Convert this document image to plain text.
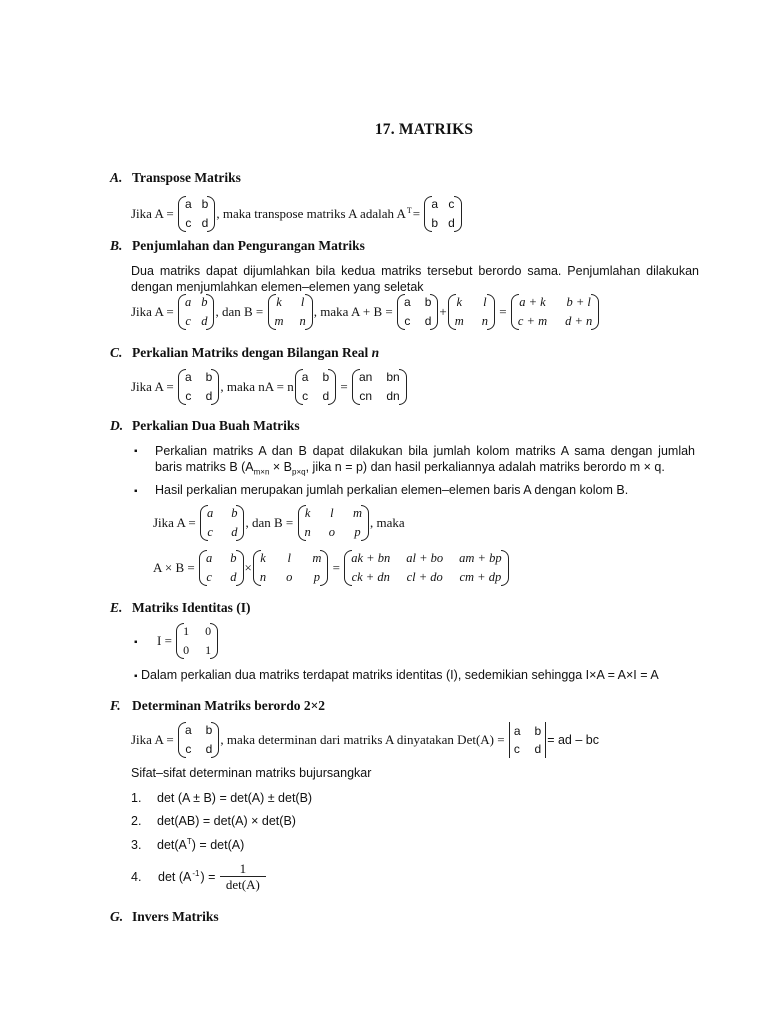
17. MATRIKS
A. Transpose Matriks
Jika A =

a b
c d
, maka transpose matriks A adalah $A^T$ =

a c
b d
B. Penjumlahan dan Pengurangan Matriks
Dua matriks dapat dijumlahkan bila kedua matriks tersebut berordo sama. Penjumlahan dilakukan dengan menjumlahkan elemen–elemen yang seletak
Jika A =

a b
c d
, dan B =

k l
m n
, maka A + B =

a b
c d
+
k l
m n

=

a + k b + l
c + m d + n
C. Perkalian Matriks dengan Bilangan Real n
Jika A =

a b
c d
, maka nA = n
a b
c d

=

an bn
cn dn
D. Perkalian Dua Buah Matriks
▪ Perkalian matriks A dan B dapat dilakukan bila jumlah kolom matriks A sama dengan jumlah
baris matriks B ($A_{m\times n} \times B_{p\times q}$, jika n = p) dan hasil perkaliannya adalah matriks berordo m × q.
▪ Hasil perkalian merupakan jumlah perkalian elemen–elemen baris A dengan kolom B.
Jika A =

a b
c d
, dan B =

k l m
n o p
, maka
A × B =

a b
c d
×
k l m
n o p

=

ak + bn al + bo am + bp
ck + dn cl + do cm + dp
E. Matriks Identitas (I)
▪ I =

1 0
0 1
▪ Dalam perkalian dua matriks terdapat matriks identitas (I), sedemikian sehingga I×A = A×I = A
F. Determinan Matriks berordo 2×2
Jika A =

a b
c d
, maka determinan dari matriks A dinyatakan Det(A) =

a b
c d
= ad – bc
Sifat–sifat determinan matriks bujursangkar
1. det (A ± B) = det(A) ± det(B)
2. det(AB) = det(A) × det(B)
3. $\det(A^T) = \det(A)$
4.	$\det (A^{-1}$ ) =
$\frac{1}{\det(A)}$
G. Invers Matriks
